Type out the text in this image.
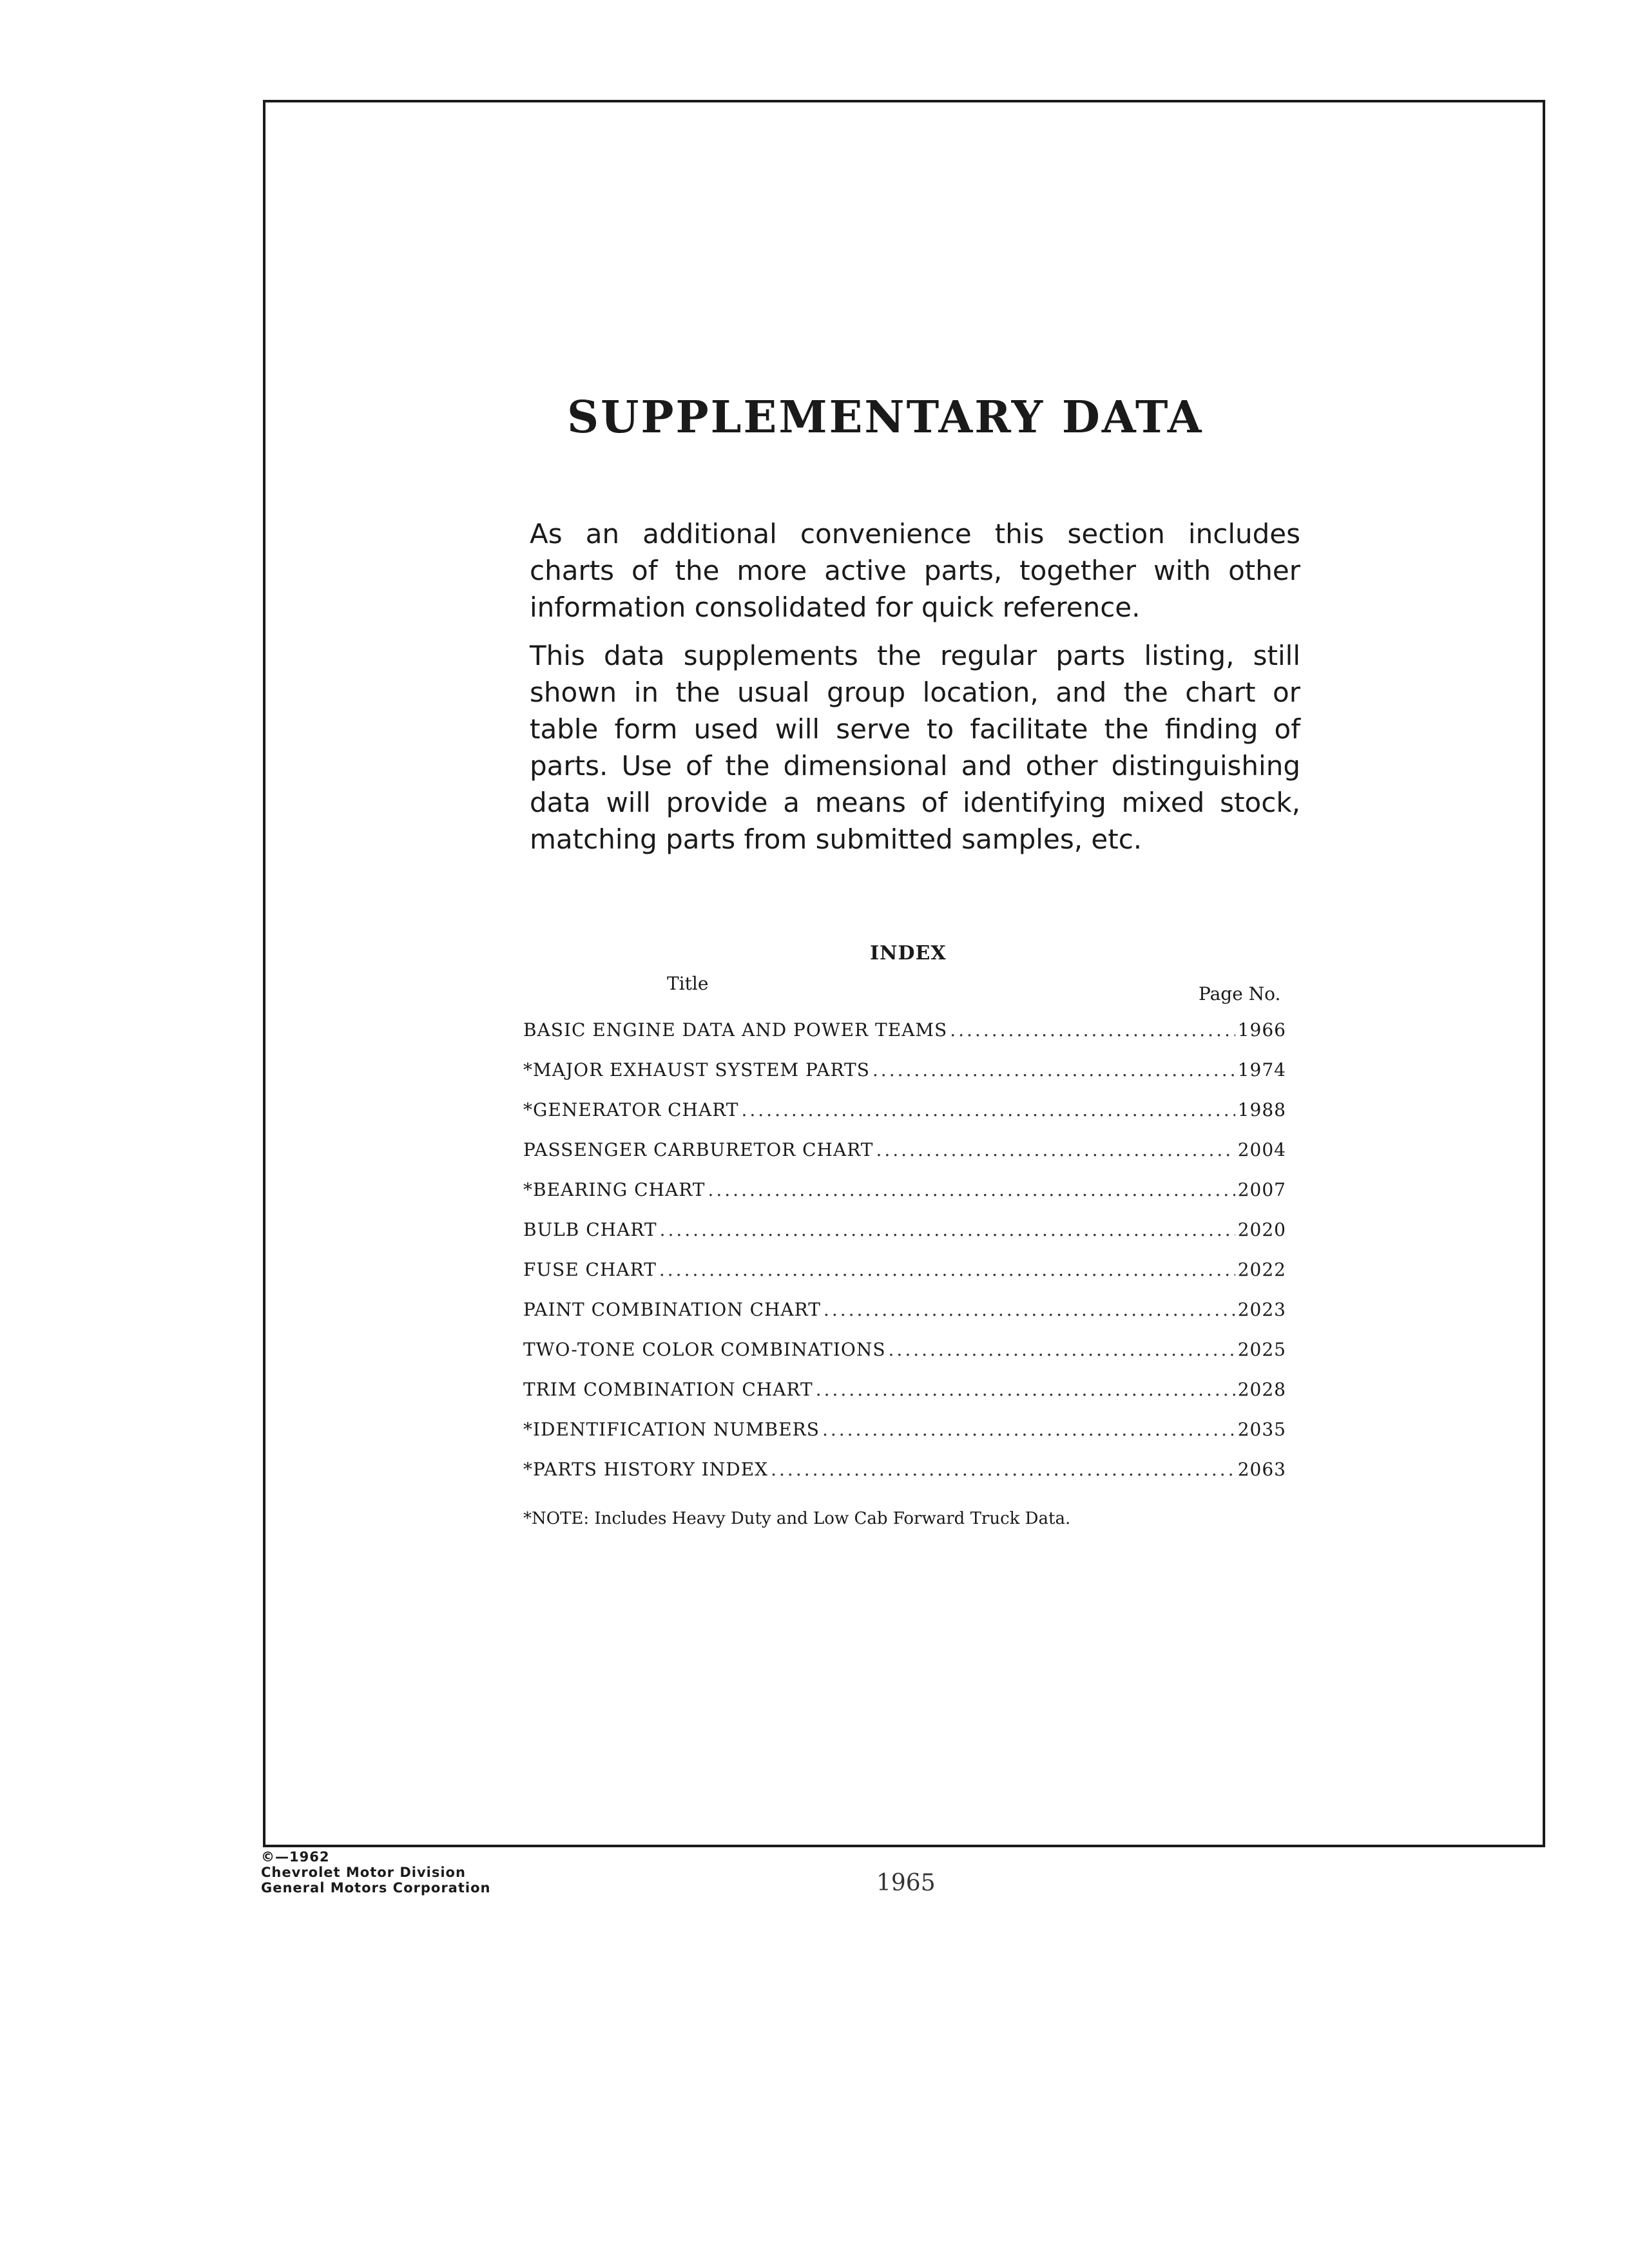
SUPPLEMENTARY DATA

As an additional convenience this section includes charts of the more active parts, together with other information consolidated for quick reference.

This data supplements the regular parts listing, still shown in the usual group location, and the chart or table form used will serve to facilitate the finding of parts. Use of the dimensional and other distinguishing data will provide a means of identifying mixed stock, matching parts from submitted samples, etc.

INDEX
Title	Page No.
BASIC ENGINE DATA AND POWER TEAMS .....	1966
*MAJOR EXHAUST SYSTEM PARTS .....	1974
*GENERATOR CHART .....	1988
PASSENGER CARBURETOR CHART .....	2004
*BEARING CHART .....	2007
BULB CHART .....	2020
FUSE CHART .....	2022
PAINT COMBINATION CHART .....	2023
TWO-TONE COLOR COMBINATIONS .....	2025
TRIM COMBINATION CHART .....	2028
*IDENTIFICATION NUMBERS .....	2035
*PARTS HISTORY INDEX .....	2063
*NOTE: Includes Heavy Duty and Low Cab Forward Truck Data.
©—1962
Chevrolet Motor Division
General Motors Corporation	1965
